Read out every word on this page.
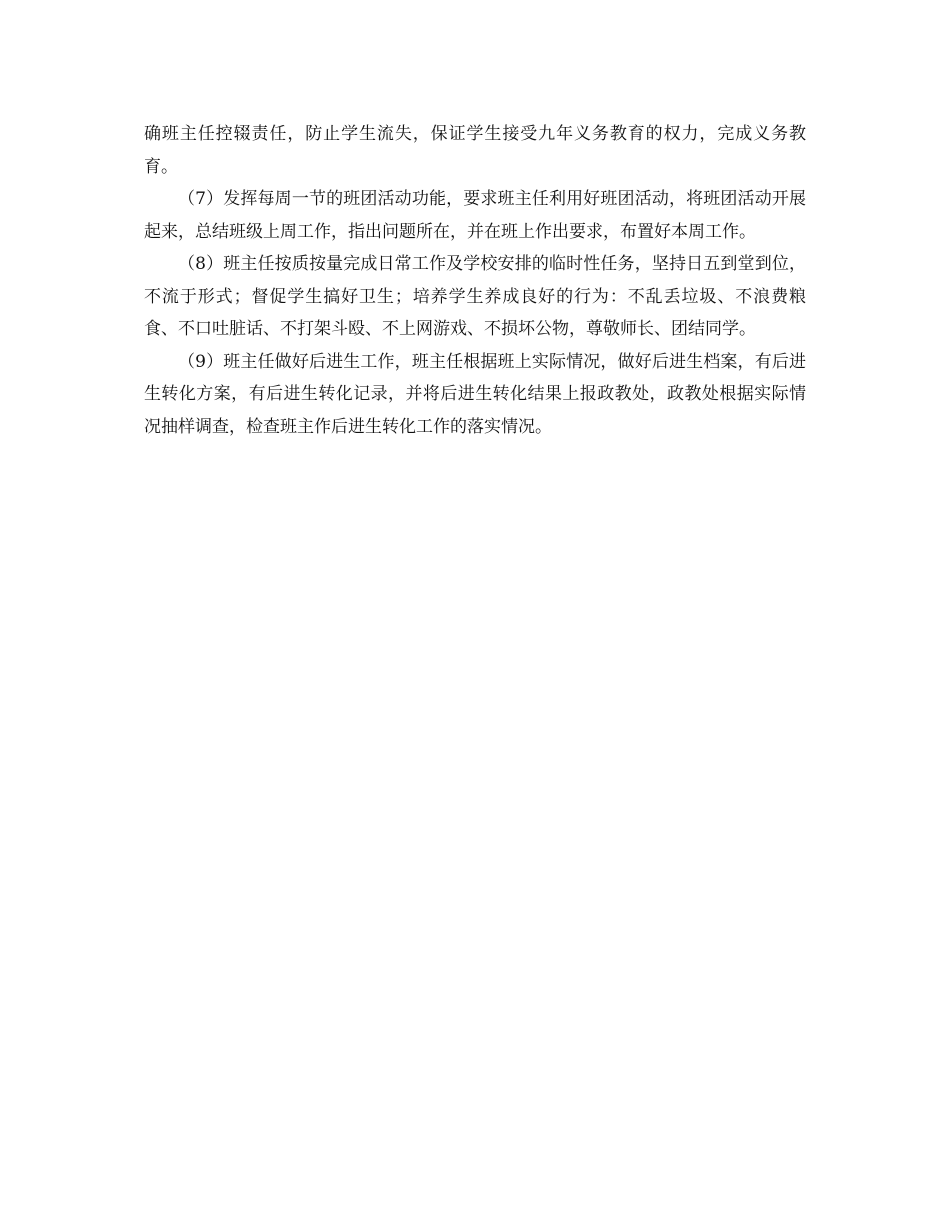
确班主任控辍责任，防止学生流失，保证学生接受九年义务教育的权力，完成义务教育。

（7）发挥每周一节的班团活动功能，要求班主任利用好班团活动，将班团活动开展起来，总结班级上周工作，指出问题所在，并在班上作出要求，布置好本周工作。

（8）班主任按质按量完成日常工作及学校安排的临时性任务，坚持日五到堂到位，不流于形式；督促学生搞好卫生；培养学生养成良好的行为：不乱丢垃圾、不浪费粮食、不口吐脏话、不打架斗殴、不上网游戏、不损坏公物，尊敬师长、团结同学。

（9）班主任做好后进生工作，班主任根据班上实际情况，做好后进生档案，有后进生转化方案，有后进生转化记录，并将后进生转化结果上报政教处，政教处根据实际情况抽样调查，检查班主作后进生转化工作的落实情况。
